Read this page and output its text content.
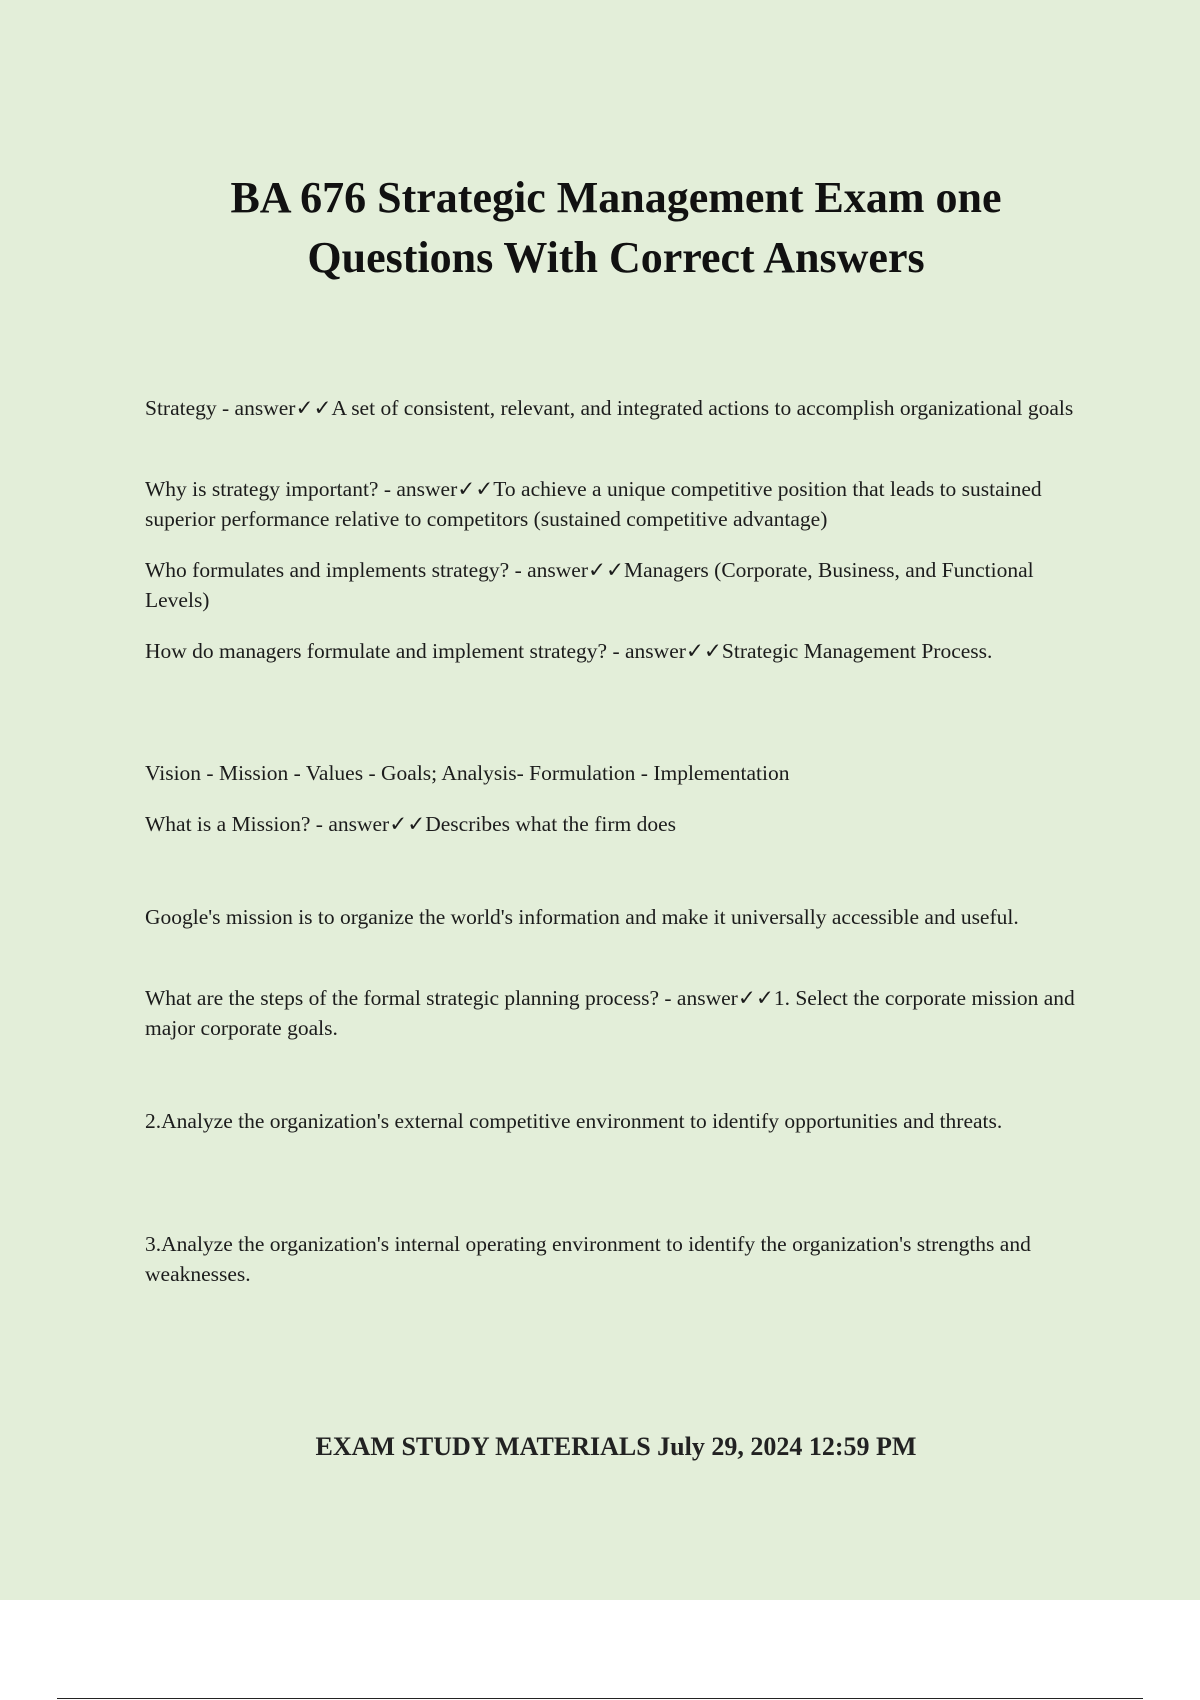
BA 676 Strategic Management Exam one
Questions With Correct Answers

Strategy - answer✓✓A set of consistent, relevant, and integrated actions to accomplish organizational goals

Why is strategy important? - answer✓✓To achieve a unique competitive position that leads to sustained superior performance relative to competitors (sustained competitive advantage)

Who formulates and implements strategy? - answer✓✓Managers (Corporate, Business, and Functional Levels)

How do managers formulate and implement strategy? - answer✓✓Strategic Management Process.

Vision - Mission - Values - Goals; Analysis- Formulation - Implementation

What is a Mission? - answer✓✓Describes what the firm does

Google's mission is to organize the world's information and make it universally accessible and useful.

What are the steps of the formal strategic planning process? - answer✓✓1. Select the corporate mission and major corporate goals.

2.Analyze the organization's external competitive environment to identify opportunities and threats.

3.Analyze the organization's internal operating environment to identify the organization's strengths and weaknesses.

EXAM STUDY MATERIALS July 29, 2024 12:59 PM
